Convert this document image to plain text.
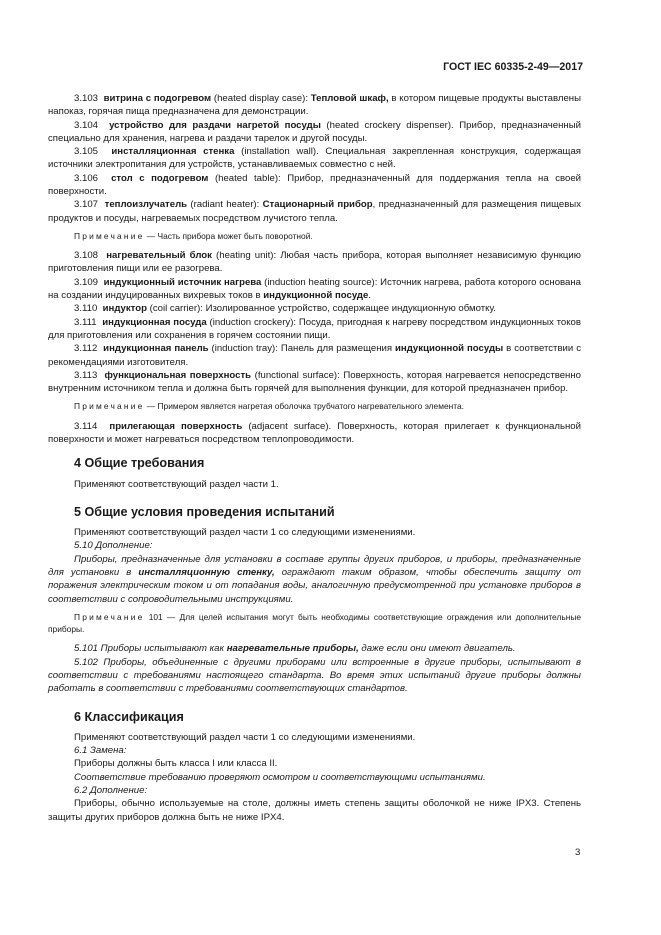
ГОСТ IEC 60335-2-49—2017

3.103 витрина с подогревом (heated display case): Тепловой шкаф, в котором пищевые продукты выставлены напоказ, горячая пища предназначена для демонстрации.

3.104 устройство для раздачи нагретой посуды (heated crockery dispenser). Прибор, предназначенный специально для хранения, нагрева и раздачи тарелок и другой посуды.

3.105 инсталляционная стенка (installation wall). Специальная закрепленная конструкция, содержащая источники электропитания для устройств, устанавливаемых совместно с ней.

3.106 стол с подогревом (heated table): Прибор, предназначенный для поддержания тепла на своей поверхности.

3.107 теплоизлучатель (radiant heater): Стационарный прибор, предназначенный для размещения пищевых продуктов и посуды, нагреваемых посредством лучистого тепла.

Примечание — Часть прибора может быть поворотной.

3.108 нагревательный блок (heating unit): Любая часть прибора, которая выполняет независимую функцию приготовления пищи или ее разогрева.

3.109 индукционный источник нагрева (induction heating source): Источник нагрева, работа которого основана на создании индуцированных вихревых токов в индукционной посуде.

3.110 индуктор (coil carrier): Изолированное устройство, содержащее индукционную обмотку.

3.111 индукционная посуда (induction crockery): Посуда, пригодная к нагреву посредством индукционных токов для приготовления или сохранения в горячем состоянии пищи.

3.112 индукционная панель (induction tray): Панель для размещения индукционной посуды в соответствии с рекомендациями изготовителя.

3.113 функциональная поверхность (functional surface): Поверхность, которая нагревается непосредственно внутренним источником тепла и должна быть горячей для выполнения функции, для которой предназначен прибор.

Примечание — Примером является нагретая оболочка трубчатого нагревательного элемента.

3.114 прилегающая поверхность (adjacent surface). Поверхность, которая прилегает к функциональной поверхности и может нагреваться посредством теплопроводимости.

4 Общие требования

Применяют соответствующий раздел части 1.

5 Общие условия проведения испытаний

Применяют соответствующий раздел части 1 со следующими изменениями.

5.10 Дополнение:

Приборы, предназначенные для установки в составе группы других приборов, и приборы, предназначенные для установки в инсталляционную стенку, ограждают таким образом, чтобы обеспечить защиту от поражения электрическим током и от попадания воды, аналогичную предусмотренной при установке приборов в соответствии с сопроводительными инструкциями.

Примечание 101 — Для целей испытания могут быть необходимы соответствующие ограждения или дополнительные приборы.

5.101 Приборы испытывают как нагревательные приборы, даже если они имеют двигатель.

5.102 Приборы, объединенные с другими приборами или встроенные в другие приборы, испытывают в соответствии с требованиями настоящего стандарта. Во время этих испытаний другие приборы должны работать в соответствии с требованиями соответствующих стандартов.

6 Классификация

Применяют соответствующий раздел части 1 со следующими изменениями.

6.1 Замена:

Приборы должны быть класса I или класса II.

Соответствие требованию проверяют осмотром и соответствующими испытаниями.

6.2 Дополнение:

Приборы, обычно используемые на столе, должны иметь степень защиты оболочкой не ниже IPX3. Степень защиты других приборов должна быть не ниже IPX4.

3
